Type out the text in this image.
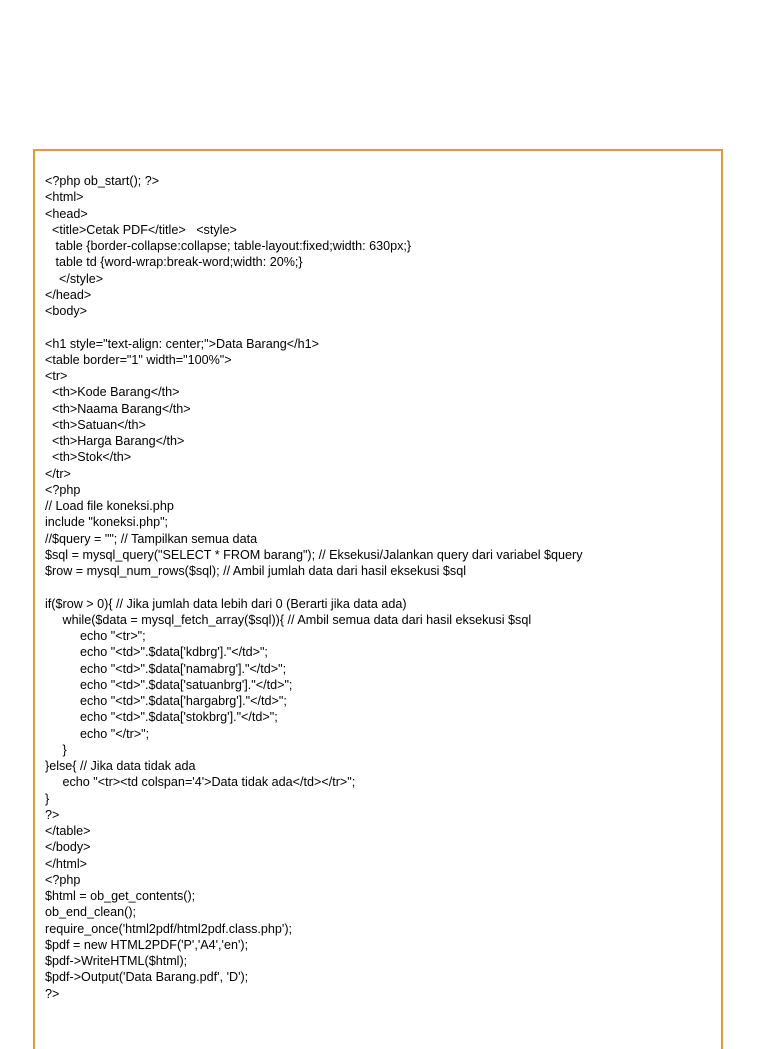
<?php ob_start(); ?>
<html>
<head>
<title>Cetak PDF</title>   <style>
table {border-collapse:collapse; table-layout:fixed;width: 630px;}
table td {word-wrap:break-word;width: 20%;}
</style>
</head>
<body>

<h1 style="text-align: center;">Data Barang</h1>
<table border="1" width="100%">
<tr>
<th>Kode Barang</th>
<th>Naama Barang</th>
<th>Satuan</th>
<th>Harga Barang</th>
<th>Stok</th>
</tr>
<?php
// Load file koneksi.php
include "koneksi.php";
//$query = ""; // Tampilkan semua data
$sql = mysql_query("SELECT * FROM barang"); // Eksekusi/Jalankan query dari variabel $query
$row = mysql_num_rows($sql); // Ambil jumlah data dari hasil eksekusi $sql

if($row > 0){ // Jika jumlah data lebih dari 0 (Berarti jika data ada)
while($data = mysql_fetch_array($sql)){ // Ambil semua data dari hasil eksekusi $sql
echo "<tr>";
echo "<td>".$data['kdbrg']."</td>";
echo "<td>".$data['namabrg']."</td>";
echo "<td>".$data['satuanbrg']."</td>";
echo "<td>".$data['hargabrg']."</td>";
echo "<td>".$data['stokbrg']."</td>";
echo "</tr>";
}
}else{ // Jika data tidak ada
echo "<tr><td colspan='4'>Data tidak ada</td></tr>";
}
?>
</table>
</body>
</html>
<?php
$html = ob_get_contents();
ob_end_clean();
require_once('html2pdf/html2pdf.class.php');
$pdf = new HTML2PDF('P','A4','en');
$pdf->WriteHTML($html);
$pdf->Output('Data Barang.pdf', 'D');
?>
